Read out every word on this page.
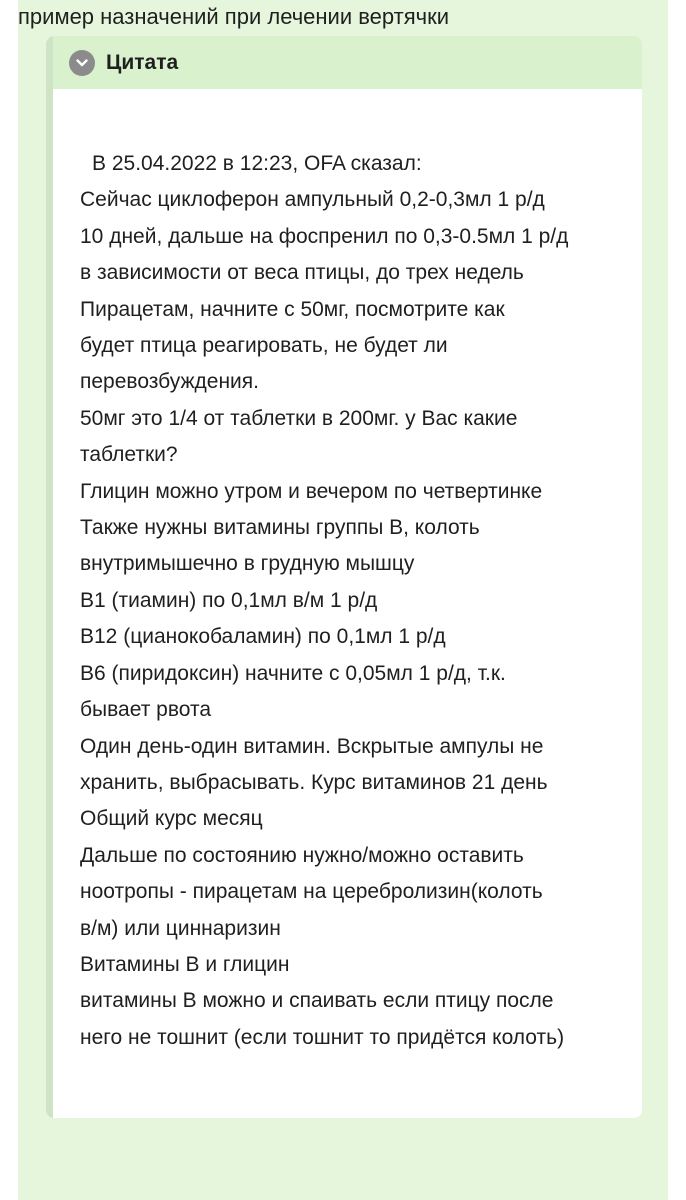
пример назначений при лечении вертячки
Цитата
В 25.04.2022 в 12:23, OFA сказал:
Сейчас циклоферон ампульный 0,2-0,3мл 1 р/д
10 дней, дальше на фоспренил по 0,3-0.5мл 1 р/д
в зависимости от веса птицы, до трех недель
Пирацетам, начните с 50мг, посмотрите как
будет птица реагировать, не будет ли
перевозбуждения.
50мг это 1/4 от таблетки в 200мг. у Вас какие
таблетки?
Глицин можно утром и вечером по четвертинке
Также нужны витамины группы В, колоть
внутримышечно в грудную мышцу
В1 (тиамин) по 0,1мл в/м 1 р/д
В12 (цианокобаламин) по 0,1мл 1 р/д
В6 (пиридоксин) начните с 0,05мл 1 р/д, т.к.
бывает рвота
Один день-один витамин. Вскрытые ампулы не
хранить, выбрасывать. Курс витаминов 21 день
Общий курс месяц
Дальше по состоянию нужно/можно оставить
ноотропы - пирацетам на церебролизин(колоть
в/м) или циннаризин
Витамины В и глицин
витамины В можно и спаивать если птицу после
него не тошнит (если тошнит то придётся колоть)
